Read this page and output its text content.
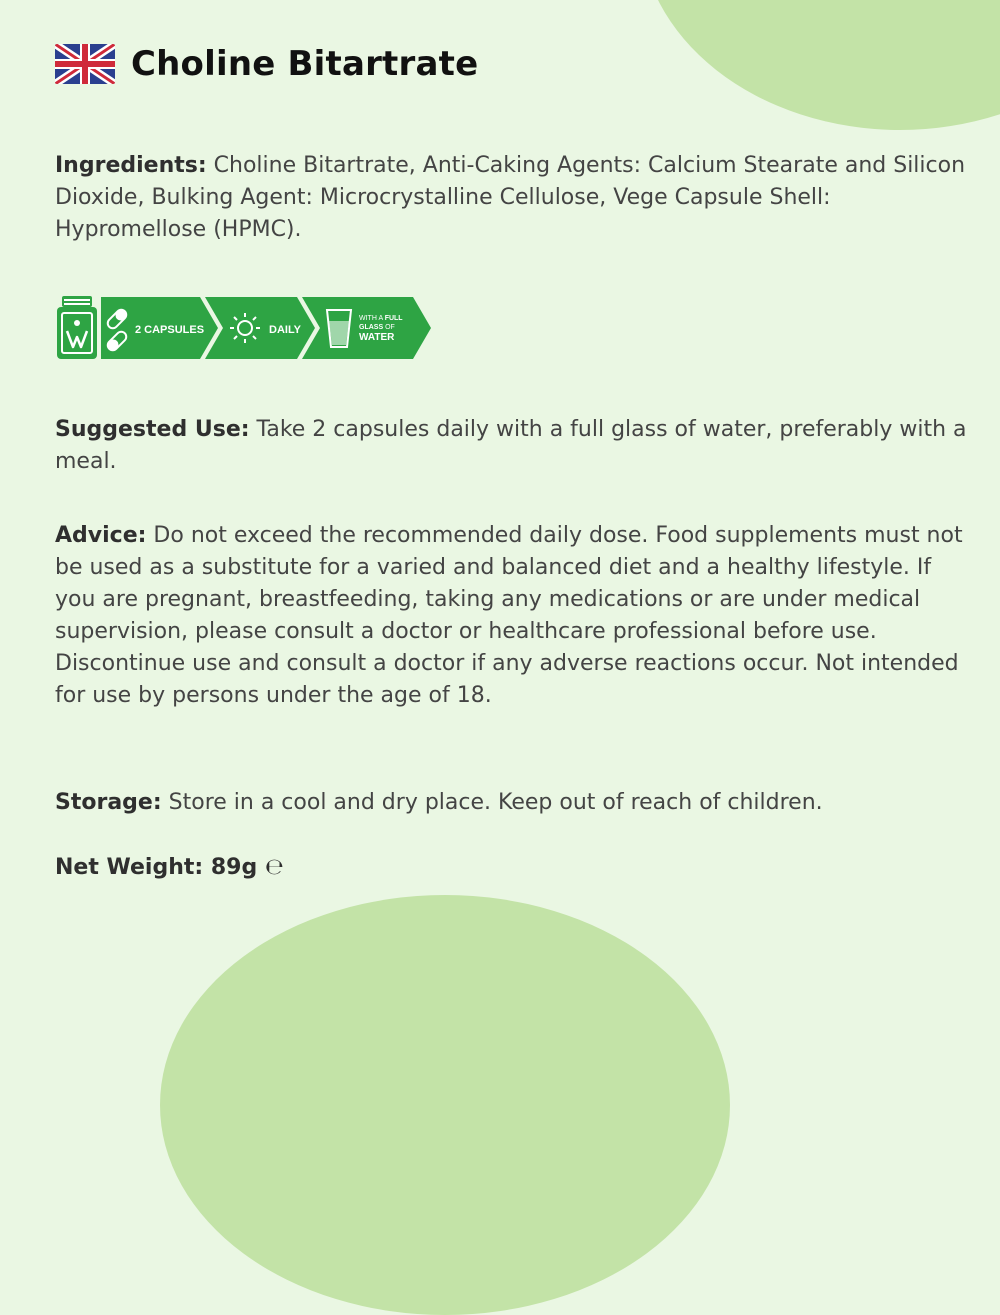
Choline Bitartrate

Ingredients: Choline Bitartrate, Anti-Caking Agents: Calcium Stearate and Silicon Dioxide, Bulking Agent: Microcrystalline Cellulose, Vege Capsule Shell: Hypromellose (HPMC).

2 CAPSULES	DAILY
WITH A FULL
GLASS OF
WATER

Suggested Use: Take 2 capsules daily with a full glass of water, preferably with a meal.

Advice: Do not exceed the recommended daily dose. Food supplements must not be used as a substitute for a varied and balanced diet and a healthy lifestyle. If you are pregnant, breastfeeding, taking any medications or are under medical supervision, please consult a doctor or healthcare professional before use. Discontinue use and consult a doctor if any adverse reactions occur. Not intended for use by persons under the age of 18.

Storage: Store in a cool and dry place. Keep out of reach of children.

Net Weight: 89g ℮
